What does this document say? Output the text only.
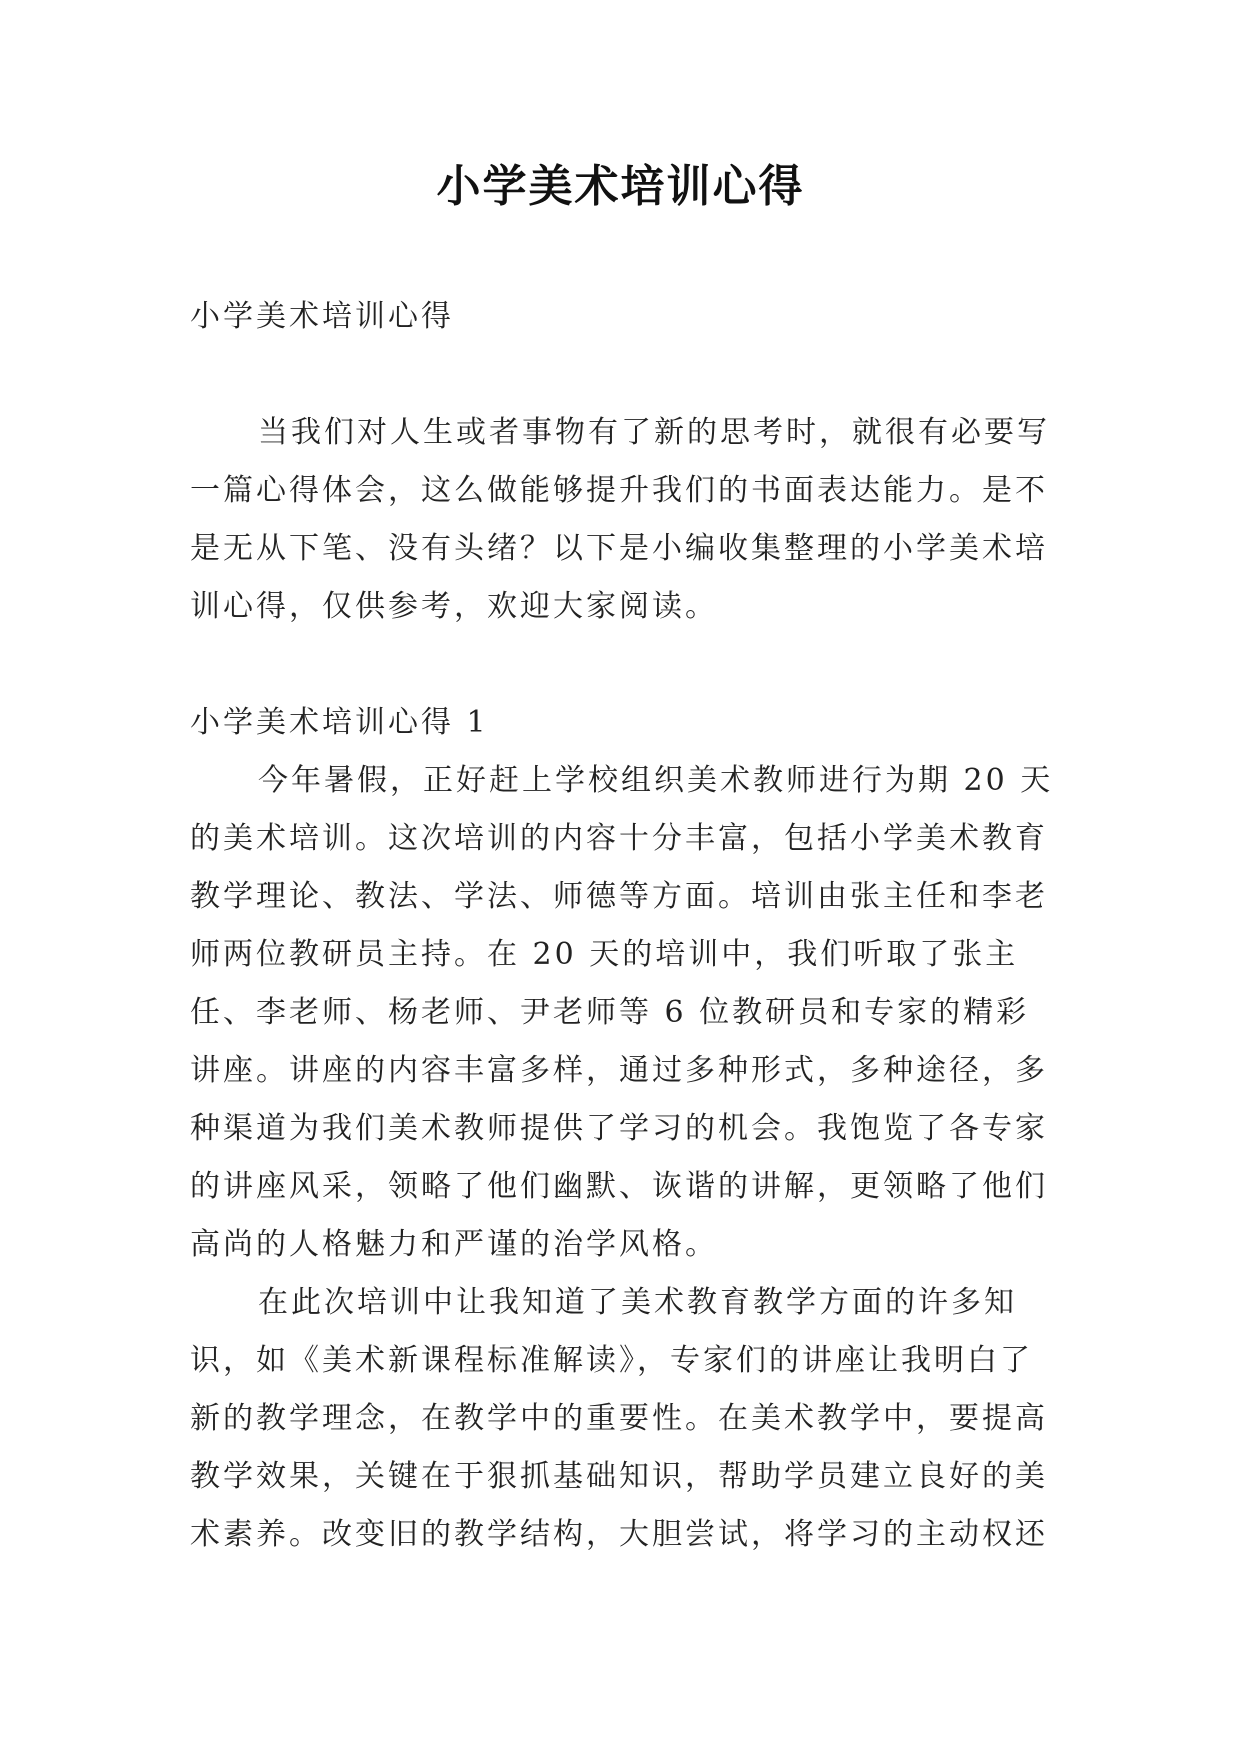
小学美术培训心得

小学美术培训心得

当我们对人生或者事物有了新的思考时，就很有必要写一篇心得体会，这么做能够提升我们的书面表达能力。是不是无从下笔、没有头绪？以下是小编收集整理的小学美术培训心得，仅供参考，欢迎大家阅读。

小学美术培训心得 1

今年暑假，正好赶上学校组织美术教师进行为期 20 天的美术培训。这次培训的内容十分丰富，包括小学美术教育教学理论、教法、学法、师德等方面。培训由张主任和李老师两位教研员主持。在 20 天的培训中，我们听取了张主任、李老师、杨老师、尹老师等 6 位教研员和专家的精彩讲座。讲座的内容丰富多样，通过多种形式，多种途径，多种渠道为我们美术教师提供了学习的机会。我饱览了各专家的讲座风采，领略了他们幽默、诙谐的讲解，更领略了他们高尚的人格魅力和严谨的治学风格。

在此次培训中让我知道了美术教育教学方面的许多知识，如《美术新课程标准解读》，专家们的讲座让我明白了新的教学理念，在教学中的重要性。在美术教学中，要提高教学效果，关键在于狠抓基础知识，帮助学员建立良好的美术素养。改变旧的教学结构，大胆尝试，将学习的主动权还
